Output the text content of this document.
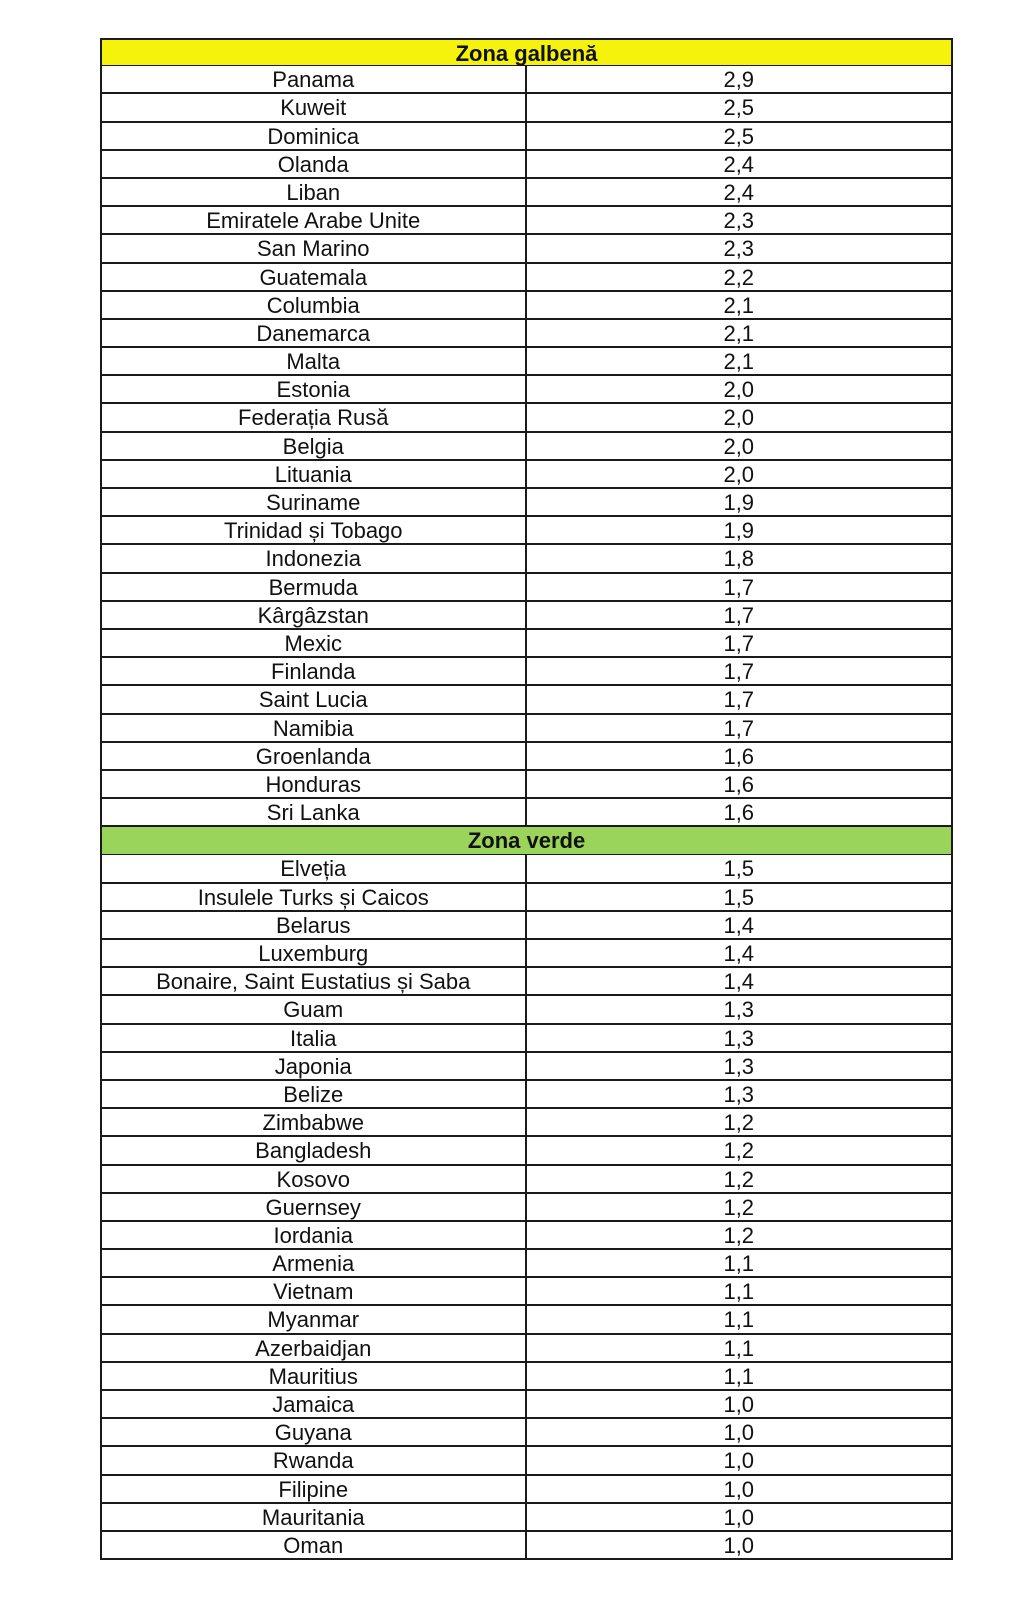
Zona galbenă
Panama	2,9
Kuweit	2,5
Dominica	2,5
Olanda	2,4
Liban	2,4
Emiratele Arabe Unite	2,3
San Marino	2,3
Guatemala	2,2
Columbia	2,1
Danemarca	2,1
Malta	2,1
Estonia	2,0
Federația Rusă	2,0
Belgia	2,0
Lituania	2,0
Suriname	1,9
Trinidad și Tobago	1,9
Indonezia	1,8
Bermuda	1,7
Kârgâzstan	1,7
Mexic	1,7
Finlanda	1,7
Saint Lucia	1,7
Namibia	1,7
Groenlanda	1,6
Honduras	1,6
Sri Lanka	1,6
Zona verde
Elveția	1,5
Insulele Turks și Caicos	1,5
Belarus	1,4
Luxemburg	1,4
Bonaire, Saint Eustatius și Saba	1,4
Guam	1,3
Italia	1,3
Japonia	1,3
Belize	1,3
Zimbabwe	1,2
Bangladesh	1,2
Kosovo	1,2
Guernsey	1,2
Iordania	1,2
Armenia	1,1
Vietnam	1,1
Myanmar	1,1
Azerbaidjan	1,1
Mauritius	1,1
Jamaica	1,0
Guyana	1,0
Rwanda	1,0
Filipine	1,0
Mauritania	1,0
Oman	1,0
